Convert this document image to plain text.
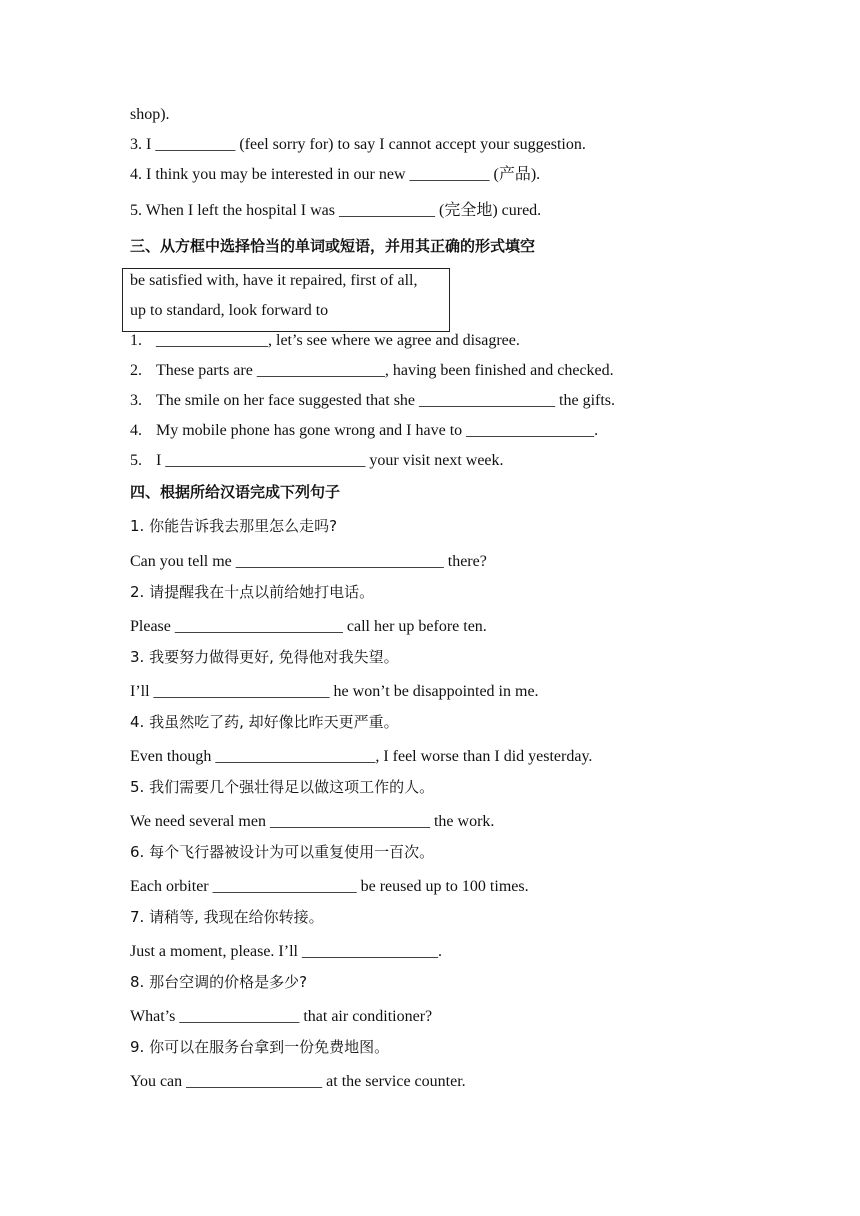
shop).
3. I __________ (feel sorry for) to say I cannot accept your suggestion.
4. I think you may be interested in our new __________ (产品).
5. When I left the hospital I was ____________ (完全地) cured.
三、从方框中选择恰当的单词或短语，并用其正确的形式填空
be satisfied with, have it repaired, first of all,
up to standard, look forward to
1. ______________, let’s see where we agree and disagree.
2. These parts are ________________, having been finished and checked.
3. The smile on her face suggested that she _________________ the gifts.
4. My mobile phone has gone wrong and I have to ________________.
5. I _________________________ your visit next week.
四、根据所给汉语完成下列句子
1. 你能告诉我去那里怎么走吗?
Can you tell me __________________________ there?
2. 请提醒我在十点以前给她打电话。
Please _____________________ call her up before ten.
3. 我要努力做得更好, 免得他对我失望。
I’ll ______________________ he won’t be disappointed in me.
4. 我虽然吃了药, 却好像比昨天更严重。
Even though ____________________, I feel worse than I did yesterday.
5. 我们需要几个强壮得足以做这项工作的人。
We need several men ____________________ the work.
6. 每个飞行器被设计为可以重复使用一百次。
Each orbiter __________________ be reused up to 100 times.
7. 请稍等, 我现在给你转接。
Just a moment, please. I’ll _________________.
8. 那台空调的价格是多少?
What’s _______________ that air conditioner?
9. 你可以在服务台拿到一份免费地图。
You can _________________ at the service counter.
